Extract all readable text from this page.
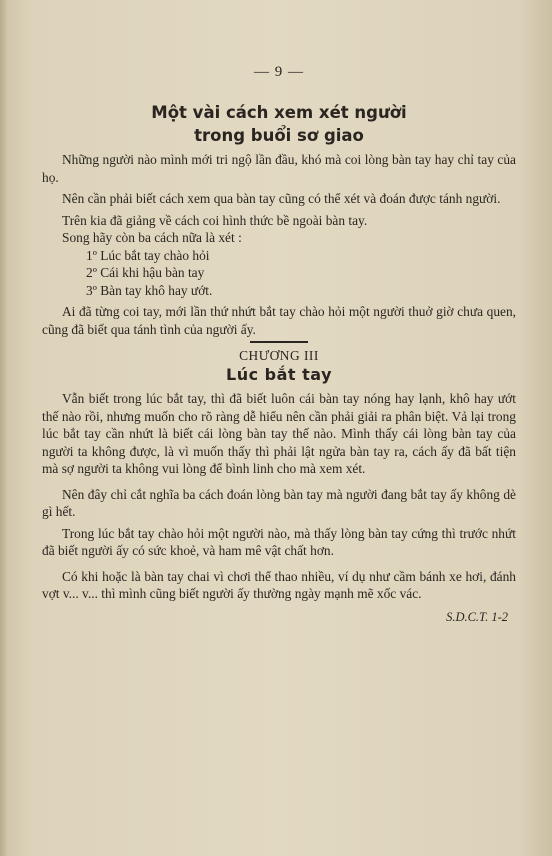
— 9 —

Một vài cách xem xét người
trong buổi sơ giao

Những người nào mình mới tri ngộ lần đầu, khó mà coi lòng bàn tay hay chỉ tay của họ.

Nên cần phải biết cách xem qua bàn tay cũng có thể xét và đoán được tánh người.

Trên kia đã giảng về cách coi hình thức bề ngoài bàn tay.

Song hãy còn ba cách nữa là xét :

1º Lúc bắt tay chào hỏi

2º Cái khi hậu bàn tay

3º Bàn tay khô hay ướt.

Ai đã từng coi tay, mới lần thứ nhứt bắt tay chào hỏi một người thuở giờ chưa quen, cũng đã biết qua tánh tình của người ấy.

CHƯƠNG III

Lúc bắt tay

Vẫn biết trong lúc bắt tay, thì đã biết luôn cái bàn tay nóng hay lạnh, khô hay ướt thế nào rồi, nhưng muốn cho rõ ràng dễ hiểu nên cần phải giải ra phân biệt. Vả lại trong lúc bắt tay cần nhứt là biết cái lòng bàn tay thế nào. Mình thấy cái lòng bàn tay của người ta không được, là vì muốn thấy thì phải lật ngửa bàn tay ra, cách ấy đã bất tiện mà sợ người ta không vui lòng để bình linh cho mà xem xét.

Nên đây chỉ cắt nghĩa ba cách đoán lòng bàn tay mà người đang bắt tay ấy không dè gì hết.

Trong lúc bắt tay chào hỏi một người nào, mà thấy lòng bàn tay cứng thì trước nhứt đã biết người ấy có sức khoẻ, và ham mê vật chất hơn.

Có khi hoặc là bàn tay chai vì chơi thể thao nhiều, ví dụ như cầm bánh xe hơi, đánh vợt v... v... thì mình cũng biết người ấy thường ngày mạnh mẽ xốc vác.

S.D.C.T. 1-2
